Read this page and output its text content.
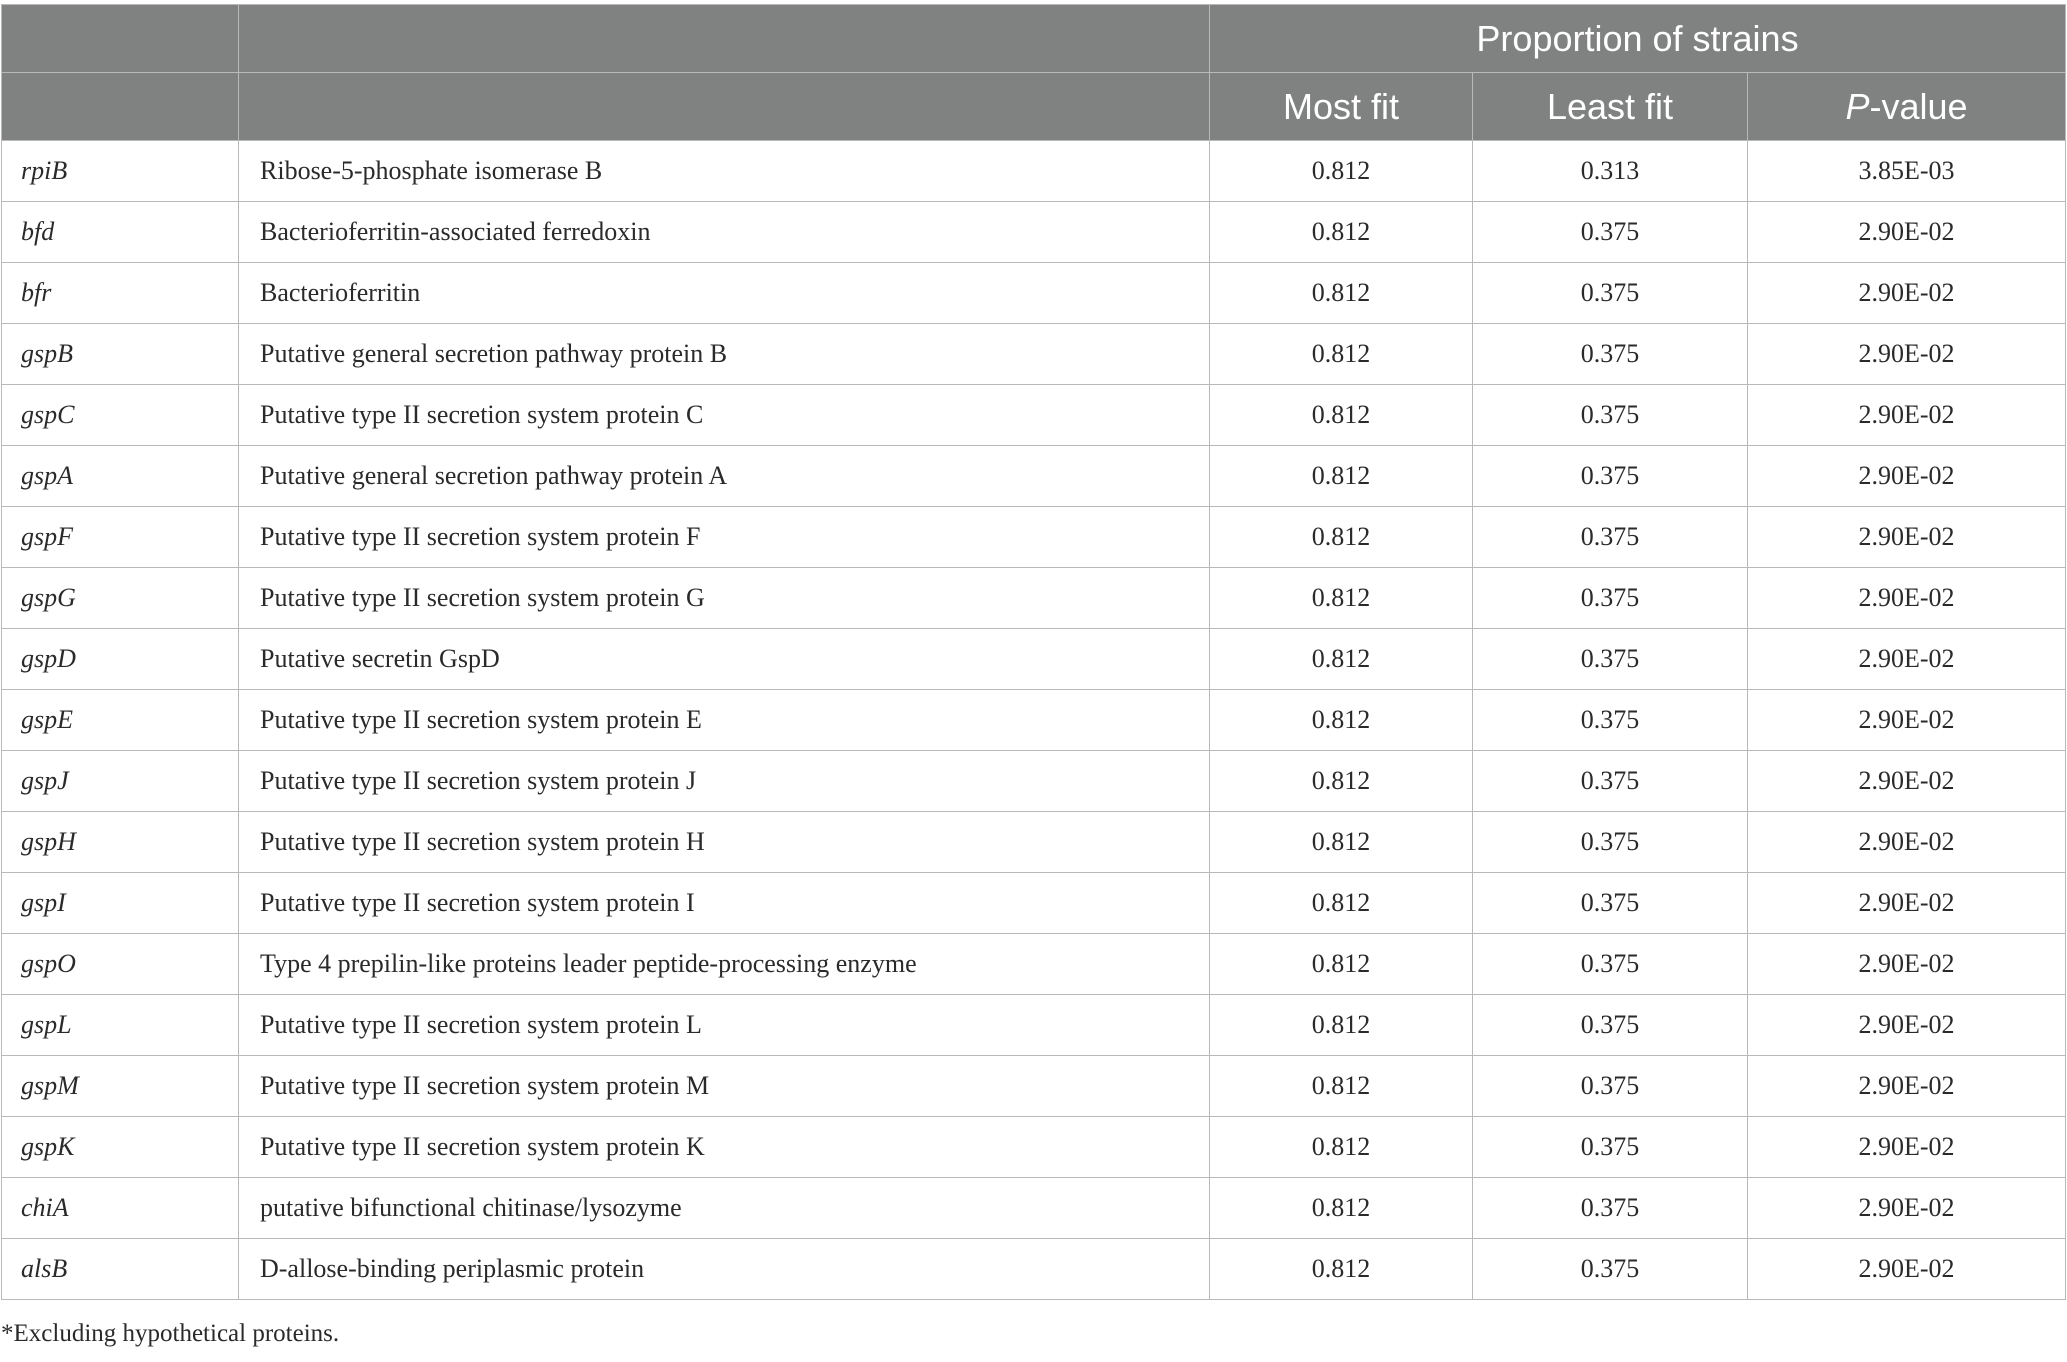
		Proportion of strains		
		Most fit	Least fit	P-value
rpiB	Ribose-5-phosphate isomerase B	0.812	0.313	3.85E-03
bfd	Bacterioferritin-associated ferredoxin	0.812	0.375	2.90E-02
bfr	Bacterioferritin	0.812	0.375	2.90E-02
gspB	Putative general secretion pathway protein B	0.812	0.375	2.90E-02
gspC	Putative type II secretion system protein C	0.812	0.375	2.90E-02
gspA	Putative general secretion pathway protein A	0.812	0.375	2.90E-02
gspF	Putative type II secretion system protein F	0.812	0.375	2.90E-02
gspG	Putative type II secretion system protein G	0.812	0.375	2.90E-02
gspD	Putative secretin GspD	0.812	0.375	2.90E-02
gspE	Putative type II secretion system protein E	0.812	0.375	2.90E-02
gspJ	Putative type II secretion system protein J	0.812	0.375	2.90E-02
gspH	Putative type II secretion system protein H	0.812	0.375	2.90E-02
gspI	Putative type II secretion system protein I	0.812	0.375	2.90E-02
gspO	Type 4 prepilin-like proteins leader peptide-processing enzyme	0.812	0.375	2.90E-02
gspL	Putative type II secretion system protein L	0.812	0.375	2.90E-02
gspM	Putative type II secretion system protein M	0.812	0.375	2.90E-02
gspK	Putative type II secretion system protein K	0.812	0.375	2.90E-02
chiA	putative bifunctional chitinase/lysozyme	0.812	0.375	2.90E-02
alsB	D-allose-binding periplasmic protein	0.812	0.375	2.90E-02
*Excluding hypothetical proteins.
